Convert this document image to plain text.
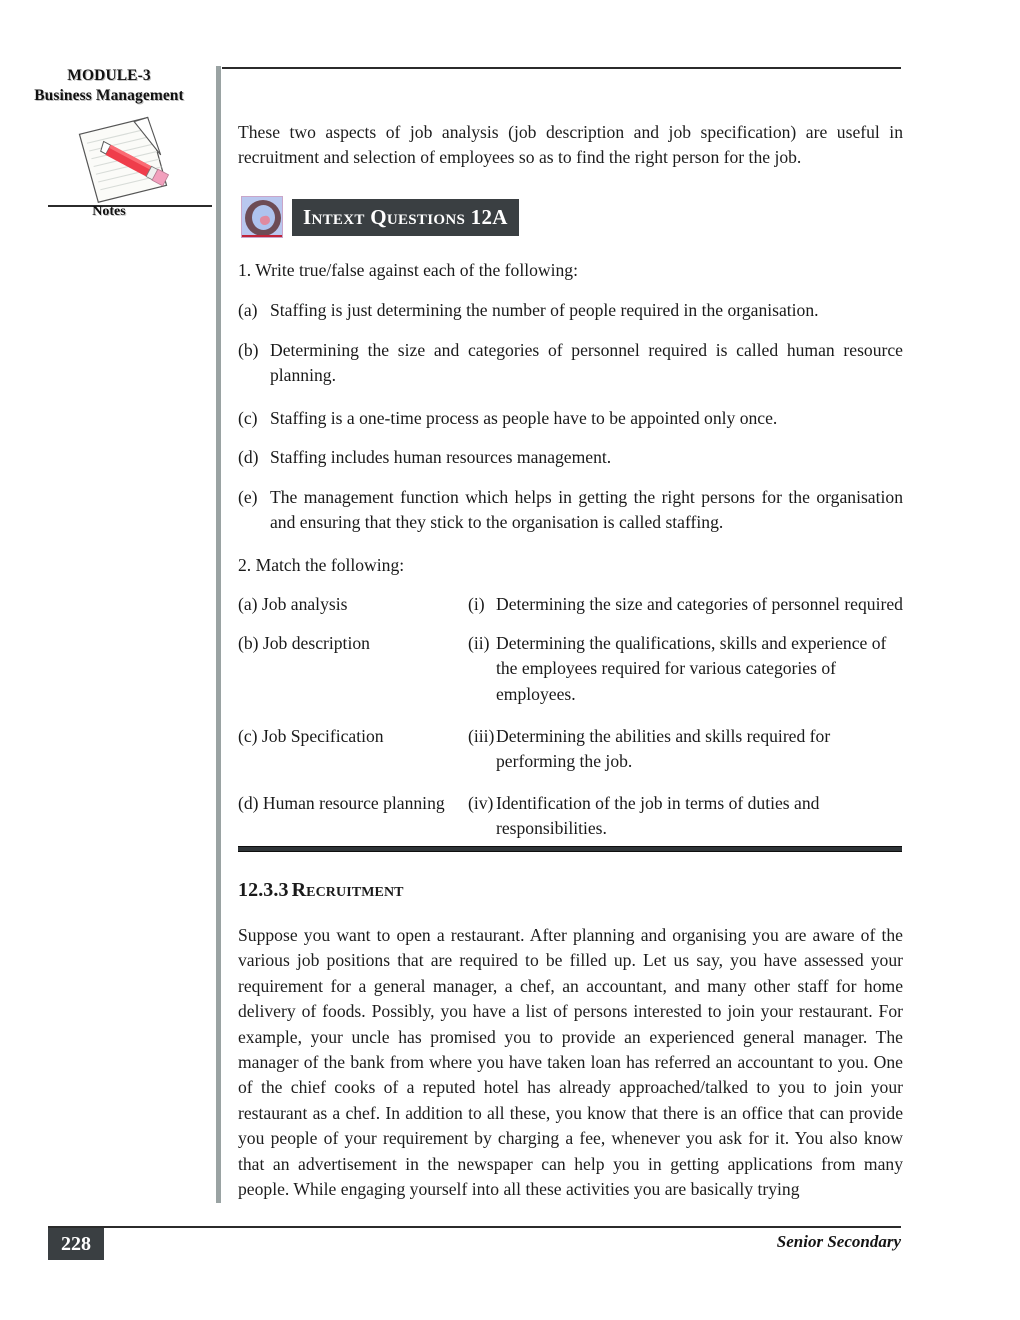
MODULE-3
Business Management
Notes

These two aspects of job analysis (job description and job specification) are useful in recruitment and selection of employees so as to find the right person for the job.

Intext Questions 12A
1. Write true/false against each of the following:
(a) Staffing is just determining the number of people required in the organisation.
(b) Determining the size and categories of personnel required is called human resource planning.
(c) Staffing is a one-time process as people have to be appointed only once.
(d) Staffing includes human resources management.
(e) The management function which helps in getting the right persons for the organisation and ensuring that they stick to the organisation is called staffing.
2. Match the following:
(a) Job analysis	(i) Determining the size and categories of personnel required
(b) Job description	(ii) Determining the qualifications, skills and experience of the employees required for various categories of employees.
(c) Job Specification	(iii) Determining the abilities and skills required for performing the job.
(d) Human resource planning	(iv) Identification of the job in terms of duties and responsibilities.
12.3.3 Recruitment

Suppose you want to open a restaurant. After planning and organising you are aware of the various job positions that are required to be filled up. Let us say, you have assessed your requirement for a general manager, a chef, an accountant, and many other staff for home delivery of foods. Possibly, you have a list of persons interested to join your restaurant. For example, your uncle has promised you to provide an experienced general manager. The manager of the bank from where you have taken loan has referred an accountant to you. One of the chief cooks of a reputed hotel has already approached/talked to you to join your restaurant as a chef. In addition to all these, you know that there is an office that can provide you people of your requirement by charging a fee, whenever you ask for it. You also know that an advertisement in the newspaper can help you in getting applications from many people. While engaging yourself into all these activities you are basically trying

228	Senior Secondary
